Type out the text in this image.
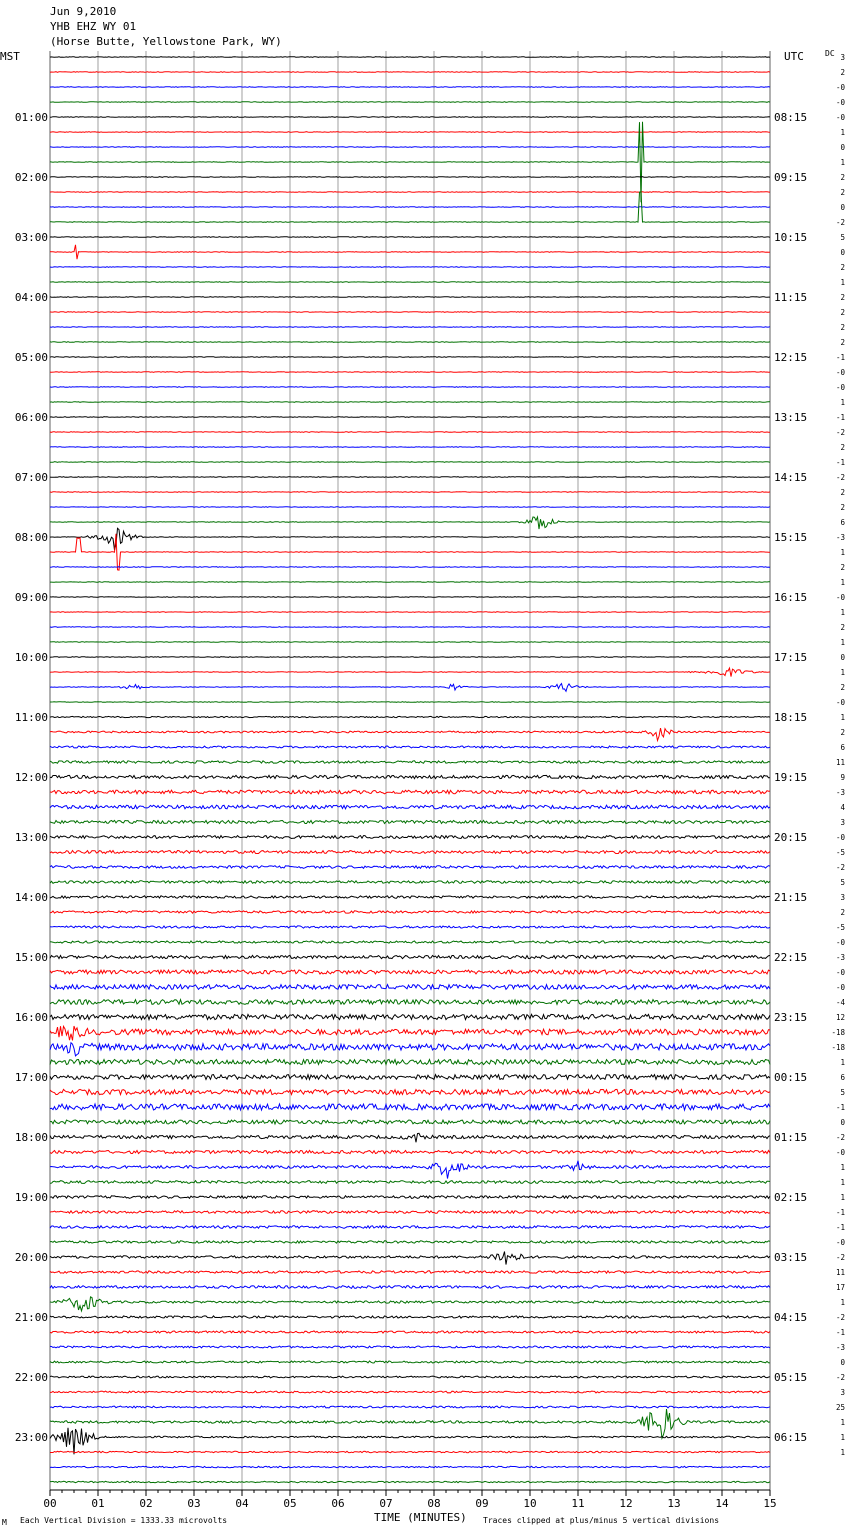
Jun 9,2010
YHB EHZ WY 01
(Horse Butte, Yellowstone Park, WY)
MST	UTC	DC
00	01	02	03	04	05	06	07	08	09	10	11	12	13	14	15
3
2
-0
-0
-0
1
0
1
2
2
0
-2
5
0
2
1
2
2
2
2
-1
-0
-0
1
-1
-2
2
-1
-2
2
2
6
-3
1
2
1
-0
1
2
1
0
1
2
-0
1
2
6
11
9
-3
4
3
-0
-5
-2
5
3
2
-5
-0
-3
-0
-0
-4
12
-18
-18
1
6
5
-1
0
-2
-0
1
1
1
-1
-1
-0
-2
11
17
1
-2
-1
-3
0
-2
3
25
1
1
1
01:00
02:00
03:00
04:00
05:00
06:00
07:00
08:00
09:00
10:00
11:00
12:00
13:00
14:00
15:00
16:00
17:00
18:00
19:00
20:00
21:00
22:00
23:00
08:15
09:15
10:15
11:15
12:15
13:15
14:15
15:15
16:15
17:15
18:15
19:15
20:15
21:15
22:15
23:15
00:15
01:15
02:15
03:15
04:15
05:15
06:15
M Each Vertical Division = 1333.33 microvolts	TIME (MINUTES) Traces clipped at plus/minus 5 vertical divisions
